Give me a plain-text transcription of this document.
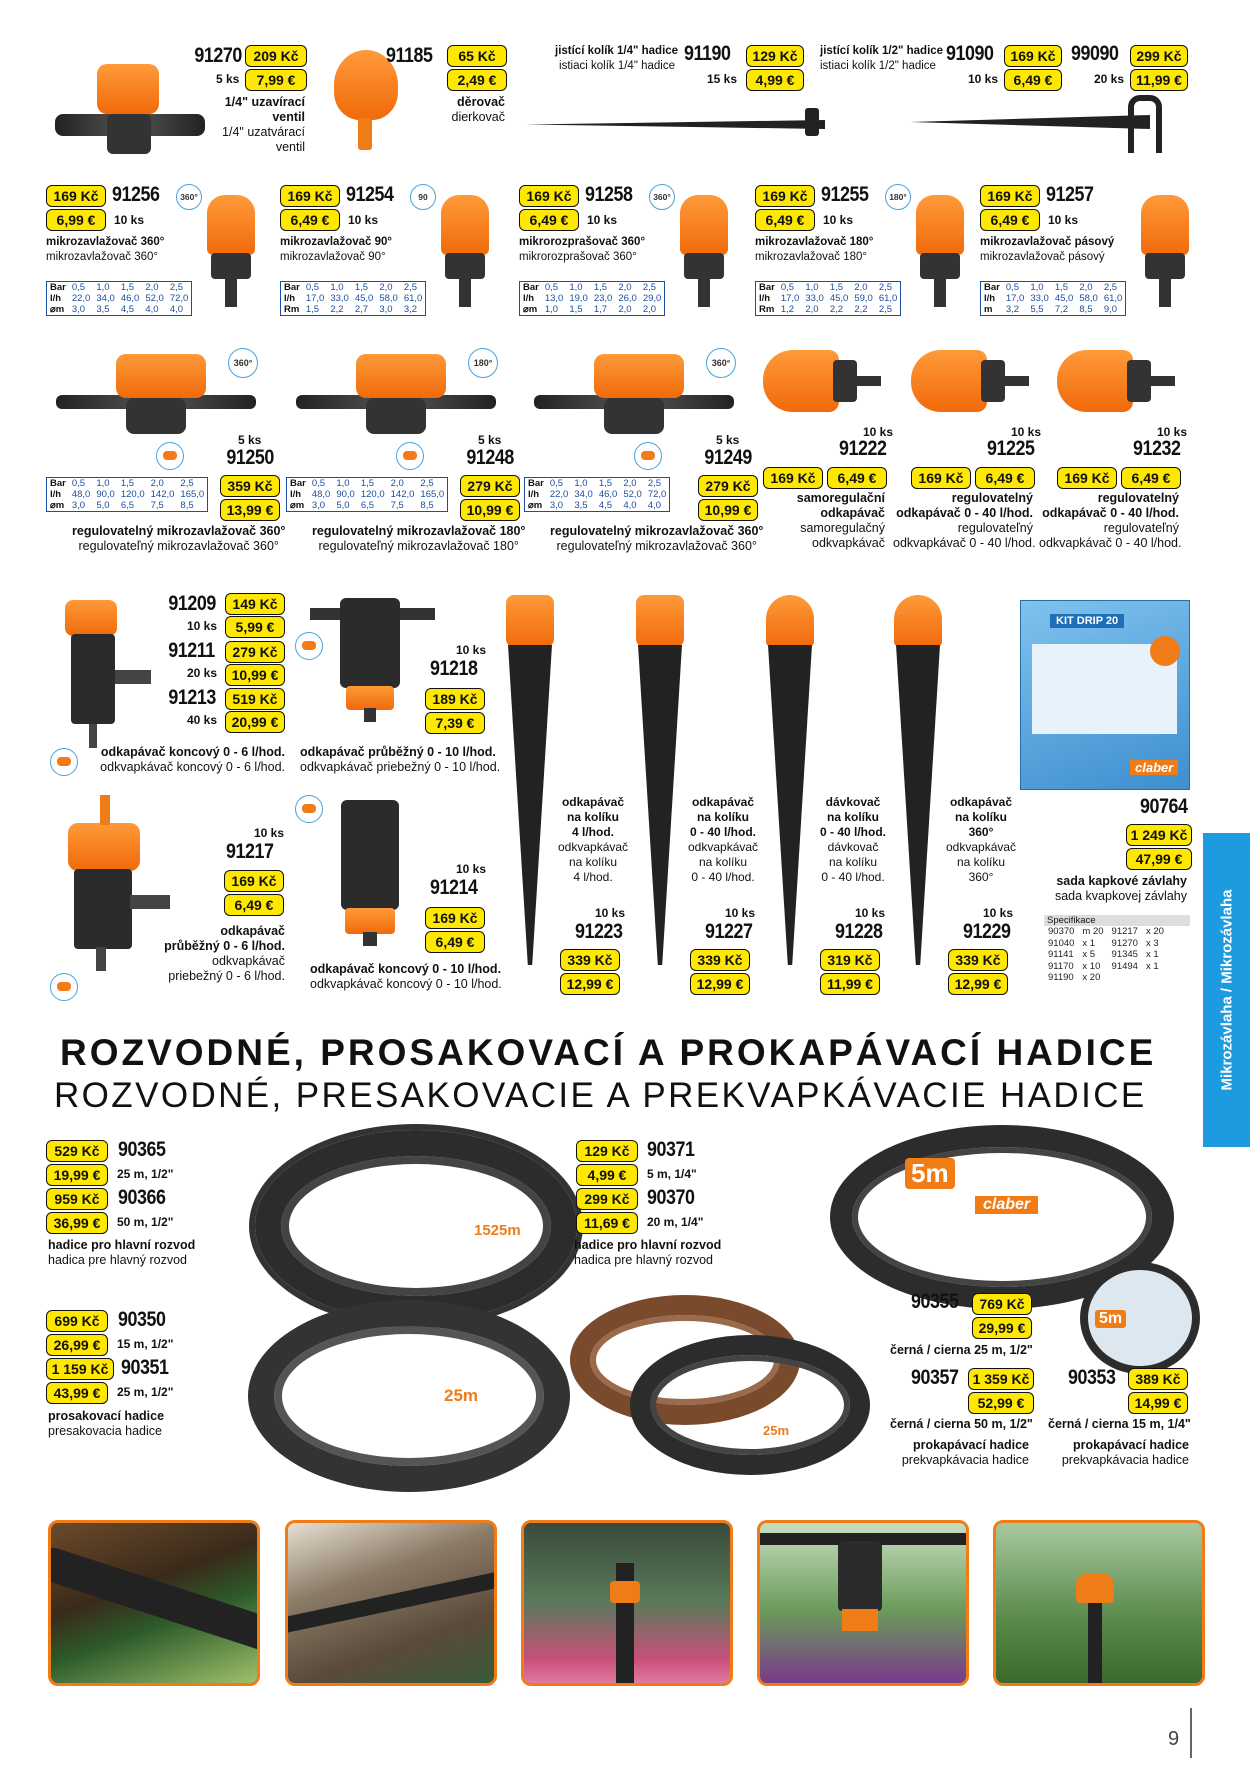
91270 209 Kč
5 ks	7,99 €
1/4" uzavírací
ventil
1/4" uzatvárací
ventil
91185	65 Kč
2,49 €
děrovač
dierkovač
jistící kolík 1/4" hadice
istiaci kolík 1/4" hadice
91190	129 Kč
15 ks	4,99 €
jistící kolík 1/2" hadice
istiaci kolík 1/2" hadice
91090	169 Kč
10 ks	6,49 €
99090	299 Kč
20 ks 11,99 €
169 Kč 91256
6,99 €	10 ks
360°
mikrozavlažovač 360°
mikrozavlažovač 360°
Bar	0,5	1,0	1,5	2,0	2,5
l/h	22,0	34,0	46,0	52,0	72,0
⌀m	3,0	3,5	4,5	4,0	4,0
169 Kč 91254
6,49 €	10 ks
90
mikrozavlažovač 90°
mikrozavlažovač 90°
Bar	0,5	1,0	1,5	2,0	2,5
l/h	17,0	33,0	45,0	58,0	61,0
Rm	1,5	2,2	2,7	3,0	3,2
169 Kč 91258
6,49 €	10 ks
360°
mikrorozprašovač 360°
mikrorozprašovač 360°
Bar	0,5	1,0	1,5	2,0	2,5
l/h	13,0	19,0	23,0	26,0	29,0
⌀m	1,0	1,5	1,7	2,0	2,0
169 Kč 91255
6,49 €	10 ks
180°
mikrozavlažovač 180°
mikrozavlažovač 180°
Bar	0,5	1,0	1,5	2,0	2,5
l/h	17,0	33,0	45,0	59,0	61,0
Rm	1,2	2,0	2,2	2,2	2,5
169 Kč 91257
6,49 €	10 ks
mikrozavlažovač pásový
mikrozavlažovač pásový
Bar	0,5	1,0	1,5	2,0	2,5
l/h	17,0	33,0	45,0	58,0	61,0
m	3,2	5,5	7,2	8,5	9,0
360°
5 ks
91250
359 Kč
13,99 €
Bar	0,5	1,0	1,5	2,0	2,5
l/h	48,0	90,0	120,0	142,0	165,0
⌀m	3,0	5,0	6,5	7,5	8,5
regulovatelný mikrozavlažovač 360°
regulovateľný mikrozavlažovač 360°
180°
5 ks
91248
279 Kč
10,99 €
Bar	0,5	1,0	1,5	2,0	2,5
l/h	48,0	90,0	120,0	142,0	165,0
⌀m	3,0	5,0	6,5	7,5	8,5
regulovatelný mikrozavlažovač 180°
regulovateľný mikrozavlažovač 180°
360°
5 ks
91249
279 Kč
10,99 €
Bar	0,5	1,0	1,5	2,0	2,5
l/h	22,0	34,0	46,0	52,0	72,0
⌀m	3,0	3,5	4,5	4,0	4,0
regulovatelný mikrozavlažovač 360°
regulovateľný mikrozavlažovač 360°
10 ks
91222
169 Kč	6,49 €
samoregulační
odkapávač
samoregulačný
odkvapkávač
10 ks
91225
169 Kč	6,49 €
regulovatelný
odkapávač 0 - 40 l/hod.
regulovateľný
odkvapkávač 0 - 40 l/hod.
10 ks
91232
169 Kč	6,49 €
regulovatelný
odkapávač 0 - 40 l/hod.
regulovateľný
odkvapkávač 0 - 40 l/hod.
91209	149 Kč
10 ks	5,99 €
91211	279 Kč
20 ks	10,99 €
91213	519 Kč
40 ks	20,99 €
odkapávač koncový 0 - 6 l/hod.
odkvapkávač koncový 0 - 6 l/hod.
10 ks
91218
189 Kč
7,39 €
odkapávač průběžný 0 - 10 l/hod.
odkvapkávač priebežný 0 - 10 l/hod.
10 ks
91217
169 Kč
6,49 €
odkapávač
průběžný 0 - 6 l/hod.
odkvapkávač
priebežný 0 - 6 l/hod.
10 ks
91214
169 Kč
6,49 €
odkapávač koncový 0 - 10 l/hod.
odkvapkávač koncový 0 - 10 l/hod.
odkapávač
na kolíku
4 l/hod.
odkvapkávač
na kolíku
4 l/hod.
10 ks
91223
339 Kč
12,99 €
odkapávač
na kolíku
0 - 40 l/hod.
odkvapkávač
na kolíku
0 - 40 l/hod.
10 ks
91227
339 Kč
12,99 €
dávkovač
na kolíku
0 - 40 l/hod.
dávkovač
na kolíku
0 - 40 l/hod.
10 ks
91228
319 Kč
11,99 €
odkapávač
na kolíku
360°
odkvapkávač
na kolíku
360°
10 ks
91229
339 Kč
12,99 €
KIT DRIP 20
claber
90764
1 249 Kč
47,99 €
sada kapkové závlahy
sada kvapkovej závlahy
Specifikace
90370	m 20	91217	x 20
91040	x 1	91270	x 3
91141	x 5	91345	x 1
91170	x 10	91494	x 1
91190	x 20		
ROZVODNÉ, PROSAKOVACÍ A PROKAPÁVACÍ HADICE
ROZVODNÉ, PRESAKOVACIE A PREKVAPKÁVACIE HADICE
Mikrozávlaha / Mikrozávlaha
529 Kč 90365
19,99 €	25 m, 1/2"
959 Kč 90366
36,99 €	50 m, 1/2"
hadice pro hlavní rozvod
hadica pre hlavný rozvod
1525m
129 Kč 90371
4,99 €	5 m, 1/4"
299 Kč 90370
11,69 €	20 m, 1/4"
hadice pro hlavní rozvod
hadica pre hlavný rozvod
5m
claber
699 Kč 90350
26,99 €	15 m, 1/2"
1 159 Kč 90351
43,99 €	25 m, 1/2"
prosakovací hadice
presakovacia hadice
25m
25m
5m
90355	769 Kč
29,99 €
černá / cierna 25 m, 1/2"
90357	1 359 Kč
52,99 €
černá / cierna 50 m, 1/2"
prokapávací hadice
prekvapkávacia hadice
90353	389 Kč
14,99 €
černá / cierna 15 m, 1/4"
prokapávací hadice
prekvapkávacia hadice
9
